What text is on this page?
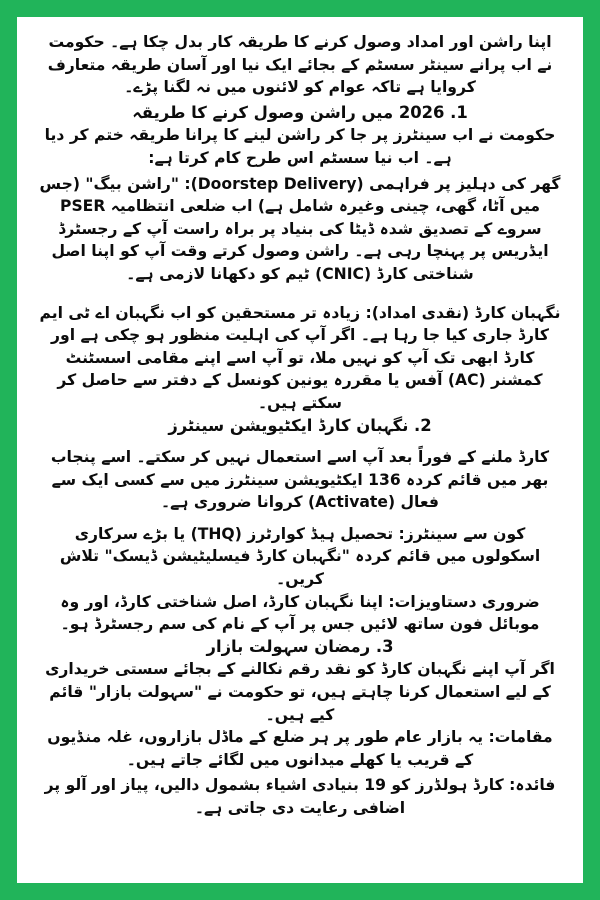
اپنا راشن اور امداد وصول کرنے کا طریقہ کار بدل چکا ہے۔ حکومت نے اب پرانے سینٹر سسٹم کے بجائے ایک نیا اور آسان طریقہ متعارف کروایا ہے تاکہ عوام کو لائنوں میں نہ لگنا پڑے۔

1. 2026 میں راشن وصول کرنے کا طریقہ

حکومت نے اب سینٹرز پر جا کر راشن لینے کا پرانا طریقہ ختم کر دیا ہے۔ اب نیا سسٹم اس طرح کام کرتا ہے:

گھر کی دہلیز پر فراہمی (Doorstep Delivery): "راشن بیگ" (جس میں آٹا، گھی، چینی وغیرہ شامل ہے) اب ضلعی انتظامیہ PSER سروے کے تصدیق شدہ ڈیٹا کی بنیاد پر براہ راست آپ کے رجسٹرڈ ایڈریس پر پہنچا رہی ہے۔ راشن وصول کرتے وقت آپ کو اپنا اصل شناختی کارڈ (CNIC) ٹیم کو دکھانا لازمی ہے۔

نگہبان کارڈ (نقدی امداد): زیادہ تر مستحقین کو اب نگہبان اے ٹی ایم کارڈ جاری کیا جا رہا ہے۔ اگر آپ کی اہلیت منظور ہو چکی ہے اور کارڈ ابھی تک آپ کو نہیں ملا، تو آپ اسے اپنے مقامی اسسٹنٹ کمشنر (AC) آفس یا مقررہ یونین کونسل کے دفتر سے حاصل کر سکتے ہیں۔

2. نگہبان کارڈ ایکٹیویشن سینٹرز

کارڈ ملنے کے فوراً بعد آپ اسے استعمال نہیں کر سکتے۔ اسے پنجاب بھر میں قائم کردہ 136 ایکٹیویشن سینٹرز میں سے کسی ایک سے فعال (Activate) کروانا ضروری ہے۔

کون سے سینٹرز: تحصیل ہیڈ کوارٹرز (THQ) یا بڑے سرکاری اسکولوں میں قائم کردہ "نگہبان کارڈ فیسلیٹیشن ڈیسک" تلاش کریں۔

ضروری دستاویزات: اپنا نگہبان کارڈ، اصل شناختی کارڈ، اور وہ موبائل فون ساتھ لائیں جس پر آپ کے نام کی سم رجسٹرڈ ہو۔

3. رمضان سہولت بازار

اگر آپ اپنے نگہبان کارڈ کو نقد رقم نکالنے کے بجائے سستی خریداری کے لیے استعمال کرنا چاہتے ہیں، تو حکومت نے "سہولت بازار" قائم کیے ہیں۔

مقامات: یہ بازار عام طور پر ہر ضلع کے ماڈل بازاروں، غلہ منڈیوں کے قریب یا کھلے میدانوں میں لگائے جاتے ہیں۔

فائدہ: کارڈ ہولڈرز کو 19 بنیادی اشیاء بشمول دالیں، پیاز اور آلو پر اضافی رعایت دی جاتی ہے۔
